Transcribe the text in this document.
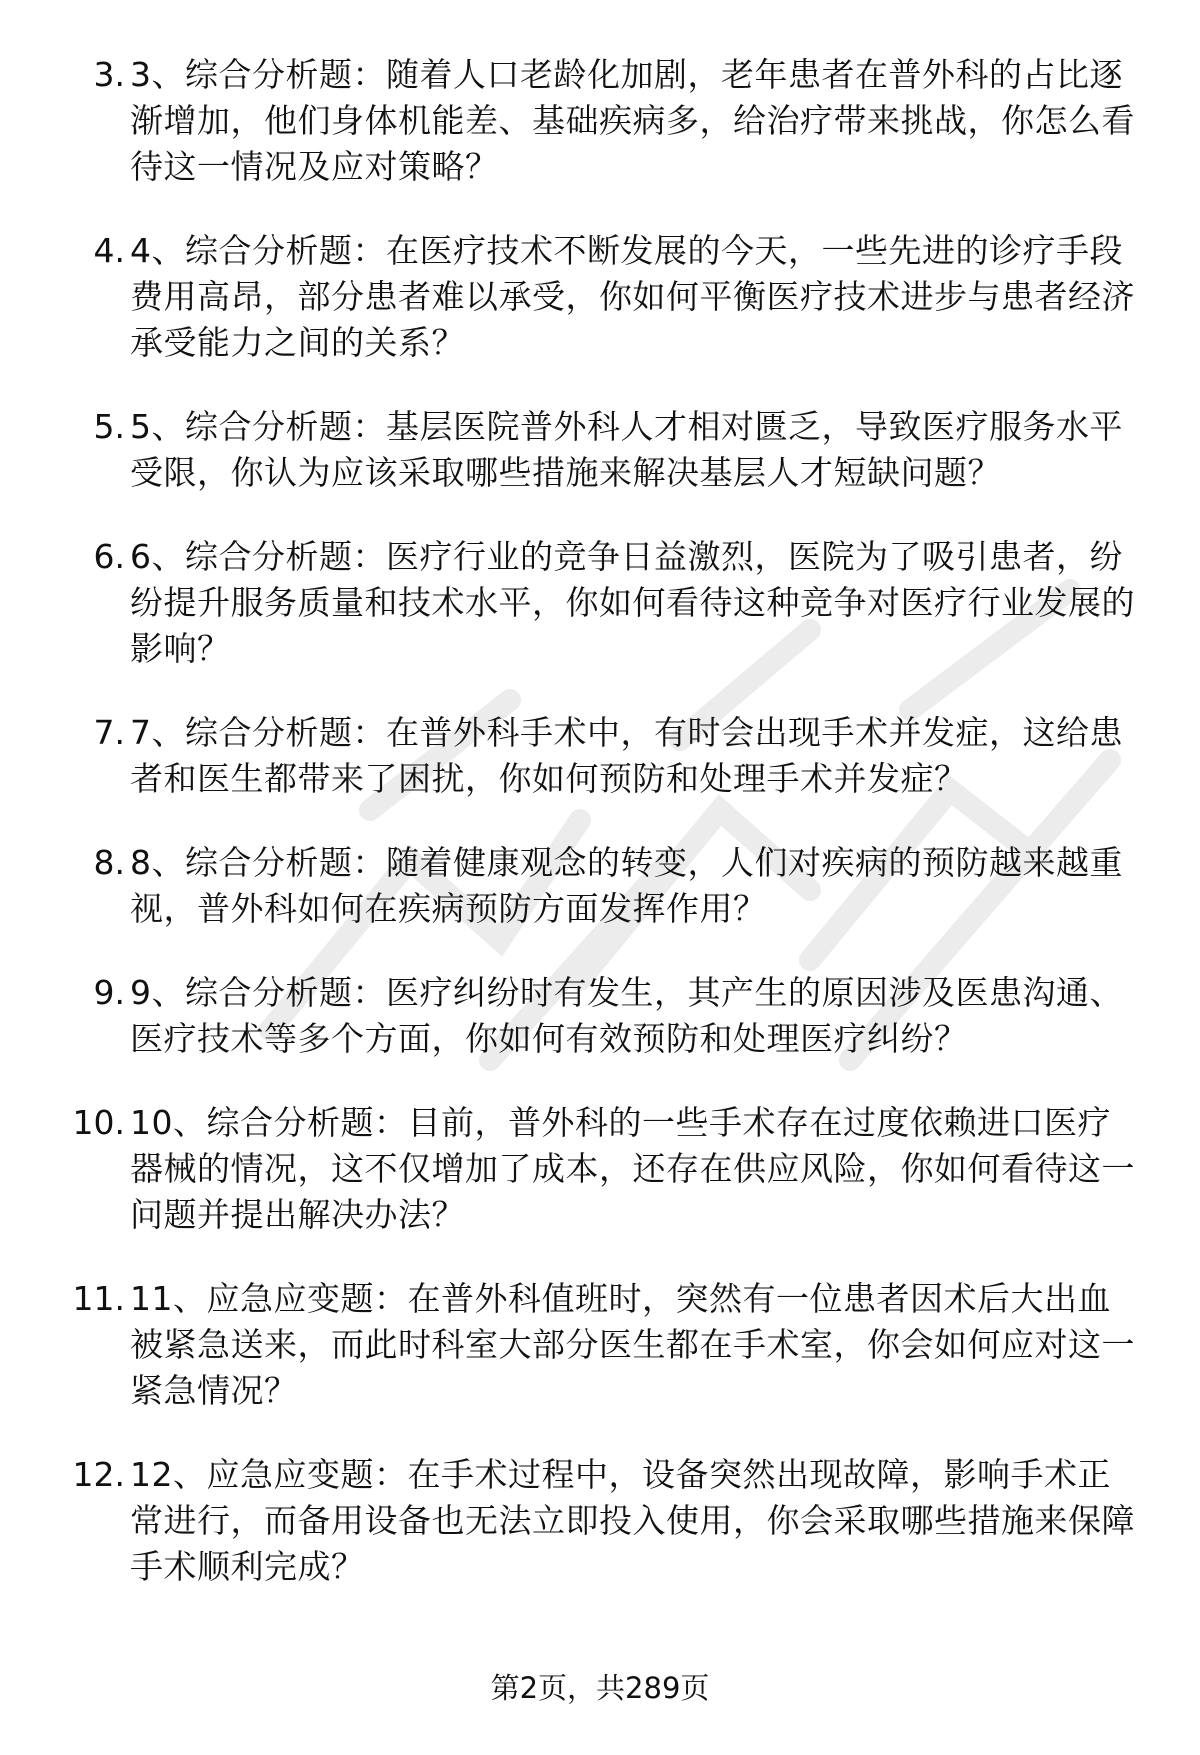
3. 3、综合分析题：随着人口老龄化加剧，老年患者在普外科的占比逐渐增加，他们身体机能差、基础疾病多，给治疗带来挑战，你怎么看待这一情况及应对策略？
4. 4、综合分析题：在医疗技术不断发展的今天，一些先进的诊疗手段费用高昂，部分患者难以承受，你如何平衡医疗技术进步与患者经济承受能力之间的关系？
5. 5、综合分析题：基层医院普外科人才相对匮乏，导致医疗服务水平受限，你认为应该采取哪些措施来解决基层人才短缺问题？
6. 6、综合分析题：医疗行业的竞争日益激烈，医院为了吸引患者，纷纷提升服务质量和技术水平，你如何看待这种竞争对医疗行业发展的影响？
7. 7、综合分析题：在普外科手术中，有时会出现手术并发症，这给患者和医生都带来了困扰，你如何预防和处理手术并发症？
8. 8、综合分析题：随着健康观念的转变，人们对疾病的预防越来越重视，普外科如何在疾病预防方面发挥作用？
9. 9、综合分析题：医疗纠纷时有发生，其产生的原因涉及医患沟通、医疗技术等多个方面，你如何有效预防和处理医疗纠纷？
10. 10、综合分析题：目前，普外科的一些手术存在过度依赖进口医疗器械的情况，这不仅增加了成本，还存在供应风险，你如何看待这一问题并提出解决办法？
11. 11、应急应变题：在普外科值班时，突然有一位患者因术后大出血被紧急送来，而此时科室大部分医生都在手术室，你会如何应对这一紧急情况？
12. 12、应急应变题：在手术过程中，设备突然出现故障，影响手术正常进行，而备用设备也无法立即投入使用，你会采取哪些措施来保障手术顺利完成？
第2页，共289页
